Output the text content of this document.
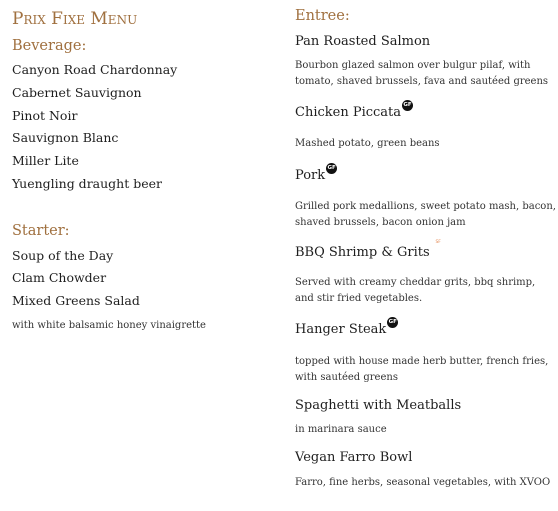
Prix Fixe Menu
Beverage:
Canyon Road Chardonnay
Cabernet Sauvignon
Pinot Noir
Sauvignon Blanc
Miller Lite
Yuengling draught beer
Starter:
Soup of the Day
Clam Chowder
Mixed Greens Salad
with white balsamic honey vinaigrette
Entree:
Pan Roasted Salmon
Bourbon glazed salmon over bulgur pilaf, with tomato, shaved brussels, fava and sautéed greens
Chicken Piccata GF
Mashed potato, green beans
Pork GF
Grilled pork medallions, sweet potato mash, bacon, shaved brussels, bacon onion jam
BBQ Shrimp & GritsSF
Served with creamy cheddar grits, bbq shrimp, and stir fried vegetables.
Hanger Steak GF
topped with house made herb butter, french fries, with sautéed greens
Spaghetti with Meatballs
in marinara sauce
Vegan Farro Bowl
Farro, fine herbs, seasonal vegetables, with XVOO
